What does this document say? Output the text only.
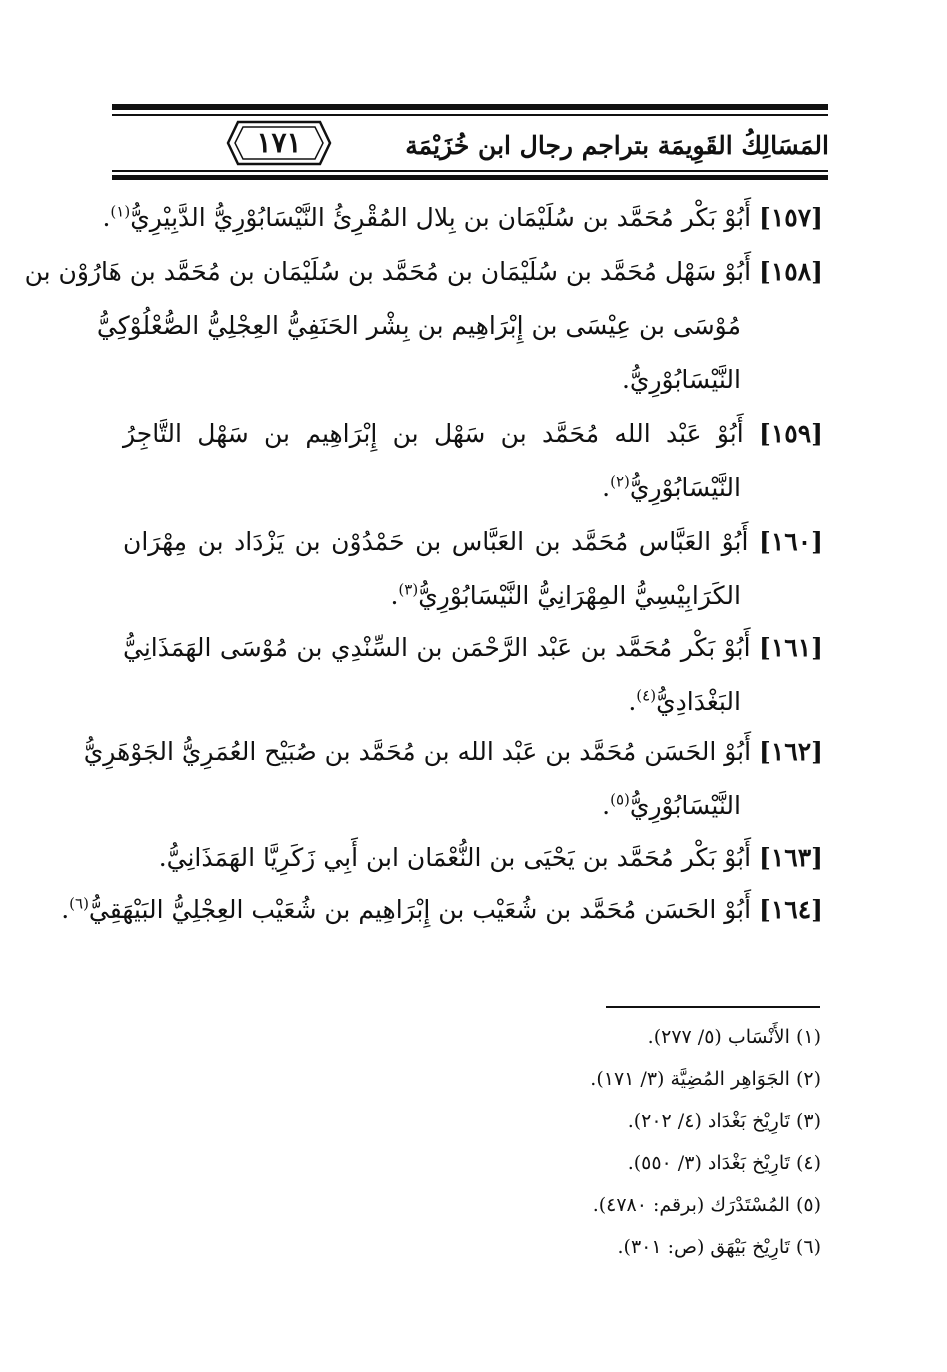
المَسَالِكُ القَوِيمَة بتراجم رجال ابن خُزَيْمَة
١٧١
[١٥٧] أَبُوْ بَكْر مُحَمَّد بن سُلَيْمَان بن بِلال المُقْرِئُ النَّيْسَابُوْرِيُّ الدَّبِيْرِيُّ$^{(١)}$.
[١٥٨] أَبُوْ سَهْل مُحَمَّد بن سُلَيْمَان بن مُحَمَّد بن سُلَيْمَان بن مُحَمَّد بن هَارُوْن بن
مُوْسَى بن عِيْسَى بن إِبْرَاهِيم بن بِشْر الحَنَفِيُّ العِجْلِيُّ الصُّعْلُوْكِيُّ
النَّيْسَابُوْرِيُّ.
[١٥٩] أَبُوْ عَبْد الله مُحَمَّد بن سَهْل بن إِبْرَاهِيم بن سَهْل التَّاجِرُ
النَّيْسَابُوْرِيُّ$^{(٢)}$.
[١٦٠] أَبُوْ العَبَّاس مُحَمَّد بن العَبَّاس بن حَمْدُوْن بن يَزْدَاد بن مِهْرَان
الكَرَابِيْسِيُّ المِهْرَانِيُّ النَّيْسَابُوْرِيُّ$^{(٣)}$.
[١٦١] أَبُوْ بَكْر مُحَمَّد بن عَبْد الرَّحْمَن بن السِّنْدِي بن مُوْسَى الهَمَذَانِيُّ
البَغْدَادِيُّ$^{(٤)}$.
[١٦٢] أَبُوْ الحَسَن مُحَمَّد بن عَبْد الله بن مُحَمَّد بن صُبَيْح العُمَرِيُّ الجَوْهَرِيُّ
النَّيْسَابُوْرِيُّ$^{(٥)}$.
[١٦٣] أَبُوْ بَكْر مُحَمَّد بن يَحْيَى بن النُّعْمَان ابن أَبِي زَكَرِيَّا الهَمَذَانِيُّ.
[١٦٤] أَبُوْ الحَسَن مُحَمَّد بن شُعَيْب بن إِبْرَاهِيم بن شُعَيْب العِجْلِيُّ البَيْهَقِيُّ$^{(٦)}$.
(١) الأَنْسَاب (٥/ ٢٧٧).
(٢) الجَوَاهِر المُضِيَّة (٣/ ١٧١).
(٣) تَارِيْخ بَغْدَاد (٤/ ٢٠٢).
(٤) تَارِيْخ بَغْدَاد (٣/ ٥٥٠).
(٥) المُسْتَدْرَك (برقم: ٤٧٨٠).
(٦) تَارِيْخ بَيْهَق (ص: ٣٠١).
